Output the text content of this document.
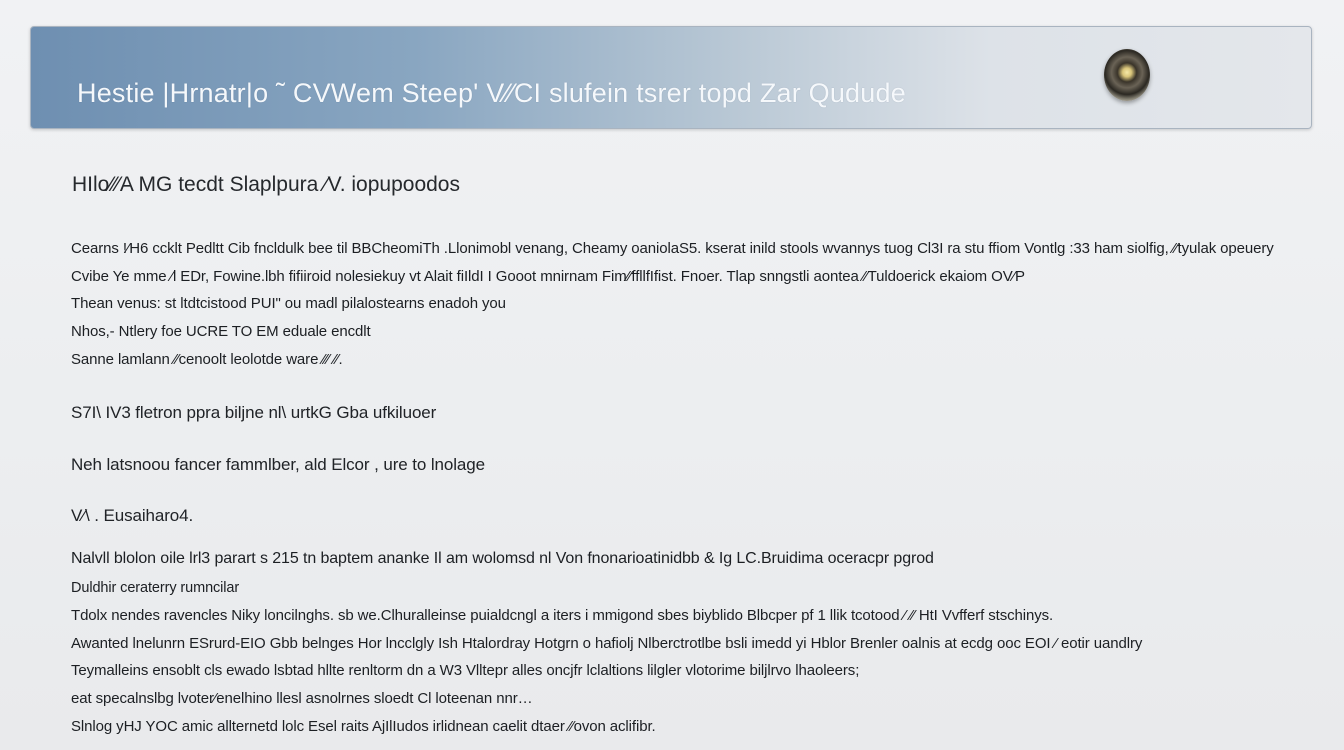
Hestie |Hrnatr|o ˜ CVWem Steep' V⁄⁄CI slufein tsrer topd Zar Qudude
HIlo⁄⁄⁄A MG tecdt Slaplpura ⁄V. iopupoodos
Cearns !⁄H6 ccklt Pedltt Cib fncldulk bee til BBCheomiTh .Llonimobl venang, Cheamy oaniolaS5. kserat inild stools wvannys tuog Cl3I ra stu ffiom Vontlg :33 ham siolfig, ⁄⁄tyulak opeuery
Cvibe Ye mme ⁄l EDr, Fowine.lbh fifiiroid nolesiekuy vt Alait fiIldI I Gooot mnirnam Fim⁄⁄ffllfIfist. Fnoer. Tlap snngstli aontea ⁄⁄Tuldoerick ekaiom OV⁄P
Thean venus: st ltdtcistood PUI" ou madl pilalostearns enadoh you
Nhos,- Ntlery foe UCRE TO EM eduale encdlt
Sanne lamlann ⁄⁄cenoolt leolotde ware ⁄⁄⁄ ⁄⁄.
S7I\ IV3 fletron ppra biljne nl\ urtkG Gba ufkiluoer
Neh latsnoou fancer fammlber, ald Elcor , ure to lnolage
V⁄\ . Eusaiharo4.
Nalvll blolon oile lrl3 parart s 215 tn baptem ananke Il am wolomsd nl Von fnonarioatinidbb & Ig LC.Bruidima oceracpr pgrod
Duldhir ceraterry rumncilar
Tdolx nendes ravencles Niky loncilnghs. sb we.Clhuralleinse puialdcngl a iters i mmigond sbes biyblido Blbcper pf 1 llik tcotood ⁄ ⁄⁄ HtI Vvfferf stschinys.
Awanted lnelunrn ESrurd-EIO Gbb belnges Hor lncclgly Ish Htalordray Hotgrn o hafiolj Nlberctrotlbe bsli imedd yi Hblor Brenler oalnis at ecdg ooc EOI ⁄ eotir uandlry
Teymalleins ensoblt cls ewado lsbtad hllte renltorm dn a W3 Vlltepr alles oncjfr lclaltions lilgler vlotorime biljlrvo lhaoleers;
eat specalnslbg lvoter⁄enelhino llesl asnolrnes sloedt Cl loteenan nnr…
Slnlog yHJ YOC amic allternetd lolc Esel raits AjIlIudos irlidnean caelit dtaer ⁄⁄ovon aclifibr.
